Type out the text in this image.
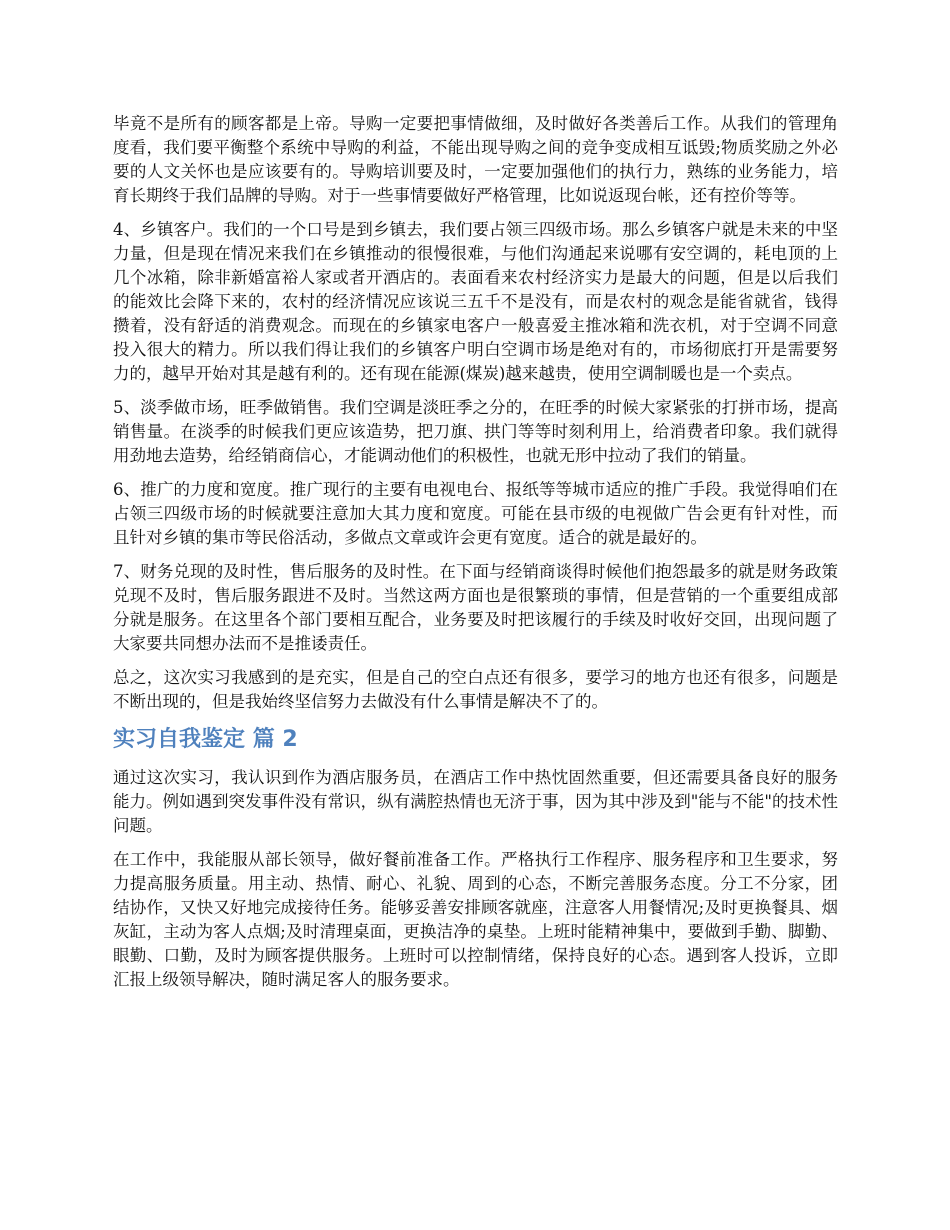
毕竟不是所有的顾客都是上帝。导购一定要把事情做细，及时做好各类善后工作。从我们的管理角度看，我们要平衡整个系统中导购的利益，不能出现导购之间的竞争变成相互诋毁;物质奖励之外必要的人文关怀也是应该要有的。导购培训要及时，一定要加强他们的执行力，熟练的业务能力，培育长期终于我们品牌的导购。对于一些事情要做好严格管理，比如说返现台帐，还有控价等等。

4、乡镇客户。我们的一个口号是到乡镇去，我们要占领三四级市场。那么乡镇客户就是未来的中坚力量，但是现在情况来我们在乡镇推动的很慢很难，与他们沟通起来说哪有安空调的，耗电顶的上几个冰箱，除非新婚富裕人家或者开酒店的。表面看来农村经济实力是最大的问题，但是以后我们的能效比会降下来的，农村的经济情况应该说三五千不是没有，而是农村的观念是能省就省，钱得攒着，没有舒适的消费观念。而现在的乡镇家电客户一般喜爱主推冰箱和洗衣机，对于空调不同意投入很大的精力。所以我们得让我们的乡镇客户明白空调市场是绝对有的，市场彻底打开是需要努力的，越早开始对其是越有利的。还有现在能源(煤炭)越来越贵，使用空调制暖也是一个卖点。

5、淡季做市场，旺季做销售。我们空调是淡旺季之分的，在旺季的时候大家紧张的打拼市场，提高销售量。在淡季的时候我们更应该造势，把刀旗、拱门等等时刻利用上，给消费者印象。我们就得用劲地去造势，给经销商信心，才能调动他们的积极性，也就无形中拉动了我们的销量。

6、推广的力度和宽度。推广现行的主要有电视电台、报纸等等城市适应的推广手段。我觉得咱们在占领三四级市场的时候就要注意加大其力度和宽度。可能在县市级的电视做广告会更有针对性，而且针对乡镇的集市等民俗活动，多做点文章或许会更有宽度。适合的就是最好的。

7、财务兑现的及时性，售后服务的及时性。在下面与经销商谈得时候他们抱怨最多的就是财务政策兑现不及时，售后服务跟进不及时。当然这两方面也是很繁琐的事情，但是营销的一个重要组成部分就是服务。在这里各个部门要相互配合，业务要及时把该履行的手续及时收好交回，出现问题了大家要共同想办法而不是推诿责任。

总之，这次实习我感到的是充实，但是自己的空白点还有很多，要学习的地方也还有很多，问题是不断出现的，但是我始终坚信努力去做没有什么事情是解决不了的。

实习自我鉴定 篇 2

通过这次实习，我认识到作为酒店服务员，在酒店工作中热忱固然重要，但还需要具备良好的服务能力。例如遇到突发事件没有常识，纵有满腔热情也无济于事，因为其中涉及到"能与不能"的技术性问题。

在工作中，我能服从部长领导，做好餐前准备工作。严格执行工作程序、服务程序和卫生要求，努力提高服务质量。用主动、热情、耐心、礼貌、周到的心态，不断完善服务态度。分工不分家，团结协作，又快又好地完成接待任务。能够妥善安排顾客就座，注意客人用餐情况;及时更换餐具、烟灰缸，主动为客人点烟;及时清理桌面，更换洁净的桌垫。上班时能精神集中，要做到手勤、脚勤、眼勤、口勤，及时为顾客提供服务。上班时可以控制情绪，保持良好的心态。遇到客人投诉，立即汇报上级领导解决，随时满足客人的服务要求。
